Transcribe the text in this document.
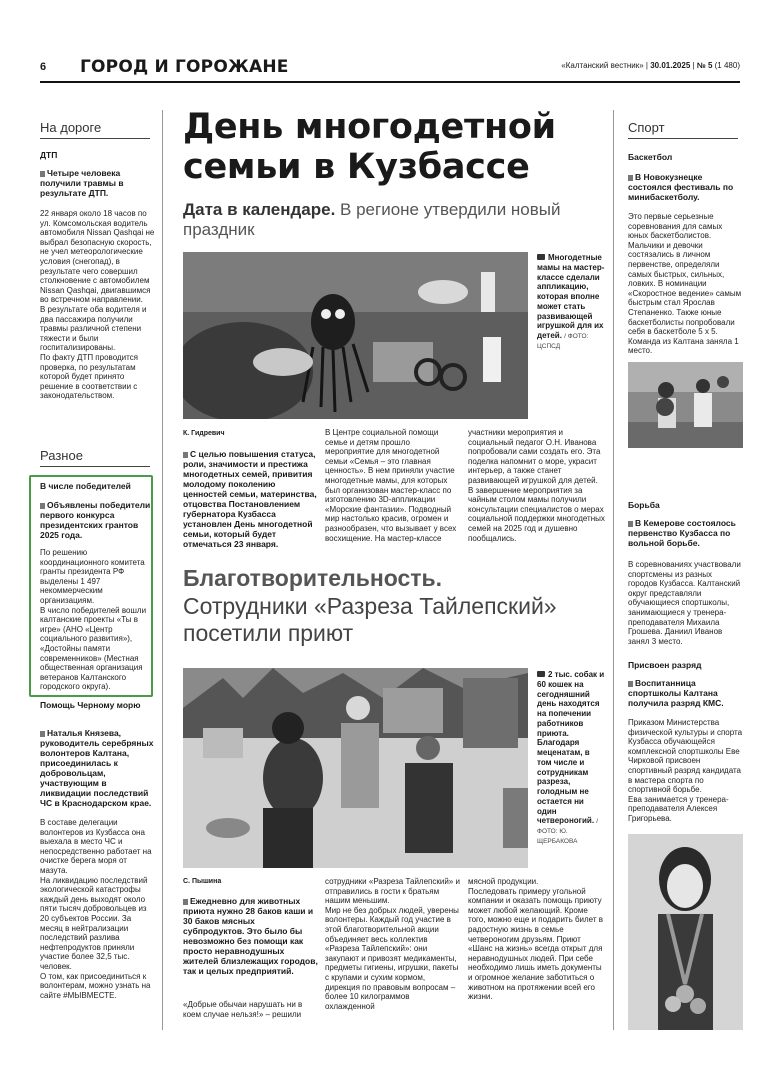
6 ГОРОД И ГОРОЖАНЕ	«Калтанский вестник» | 30.01.2025 | № 5 (1 480)
На дороге
ДТП
Четыре человека получили травмы в результате ДТП.

22 января около 18 часов по ул. Комсомольская водитель автомобиля Nissan Qashqai не выбрал безопасную скорость, не учел метеорологические условия (снегопад), в результате чего совершил столкновение с автомобилем Nissan Qashqai, двигавшимся во встречном направлении.

В результате оба водителя и два пассажира получили травмы различной степени тяжести и были госпитализированы.

По факту ДТП проводится проверка, по результатам которой будет принято решение в соответствии с законодательством.

Разное
В числе победителей
Объявлены победители первого конкурса президентских грантов 2025 года.

По решению координационного комитета гранты президента РФ выделены 1 497 некоммерческим организациям.

В число победителей вошли калтанские проекты «Ты в игре» (АНО «Центр социального развития»), «Достойны памяти современников» (Местная общественная организация ветеранов Калтанского городского округа).

Помощь Черному морю
Наталья Князева, руководитель серебряных волонтеров Калтана, присоединилась к добровольцам, участвующим в ликвидации последствий ЧС в Краснодарском крае.

В составе делегации волонтеров из Кузбасса она выехала в место ЧС и непосредственно работает на очистке берега моря от мазута.

На ликвидацию последствий экологической катастрофы каждый день выходят около пяти тысяч добровольцев из 20 субъектов России. За месяц в нейтрализации последствий разлива нефтепродуктов приняли участие более 32,5 тыс. человек.

О том, как присоединиться к волонтерам, можно узнать на сайте #МЫВМЕСТЕ.

День многодетной семьи в Кузбассе
Дата в календаре. В регионе утвердили новый праздник
Многодетные мамы на мастер-классе сделали аппликацию, которая вполне может стать развивающей игрушкой для их детей. / ФОТО: ЦСПСД
К. Гидревич
С целью повышения статуса, роли, значимости и престижа многодетных семей, привития молодому поколению ценностей семьи, материнства, отцовства Постановлением губернатора Кузбасса установлен День многодетной семьи, который будет отмечаться 23 января.
В Центре социальной помощи семье и детям прошло мероприятие для многодетной семьи «Семья – это главная ценность». В нем приняли участие многодетные мамы, для которых был организован мастер-класс по изготовлению 3D-аппликации «Морские фантазии». Подводный мир настолько красив, огромен и разнообразен, что вызывает у всех восхищение. На мастер-классе

участники мероприятия и социальный педагог О.Н. Иванова попробовали сами создать его. Эта поделка напомнит о море, украсит интерьер, а также станет развивающей игрушкой для детей.

В завершение мероприятия за чайным столом мамы получили консультации специалистов о мерах социальной поддержки многодетных семей на 2025 год и душевно пообщались.

Благотворительность.
Сотрудники «Разреза Тайлепский» посетили приют
2 тыс. собак и 60 кошек на сегодняшний день находятся на попечении работников приюта. Благодаря меценатам, в том числе и сотрудникам разреза, голодным не остается ни один четвероногий. / ФОТО: Ю. ЩЕРБАКОВА
С. Пышина
Ежедневно для животных приюта нужно 28 баков каши и 30 баков мясных субпродуктов. Это было бы невозможно без помощи как просто неравнодушных жителей близлежащих городов, так и целых предприятий.
«Добрые обычаи нарушать ни в коем случае нельзя!» – решили

сотрудники «Разреза Тайлепский» и отправились в гости к братьям нашим меньшим.

Мир не без добрых людей, уверены волонтеры. Каждый год участие в этой благотворительной акции объединяет весь коллектив «Разреза Тайлепский»: они закупают и привозят медикаменты, предметы гигиены, игрушки, пакеты с крупами и сухим кормом, дирекция по правовым вопросам – более 10 килограммов охлажденной

мясной продукции.

Последовать примеру угольной компании и оказать помощь приюту может любой желающий. Кроме того, можно еще и подарить билет в радостную жизнь в семье четвероногим друзьям. Приют «Шанс на жизнь» всегда открыт для неравнодушных людей. При себе необходимо лишь иметь документы и огромное желание заботиться о животном на протяжении всей его жизни.

Спорт
Баскетбол
В Новокузнецке состоялся фестиваль по минибаскетболу.
Это первые серьезные соревнования для самых юных баскетболистов. Мальчики и девочки состязались в личном первенстве, определяли самых быстрых, сильных, ловких. В номинации «Скоростное ведение» самым быстрым стал Ярослав Степаненко. Также юные баскетболисты попробовали себя в баскетболе 5 х 5. Команда из Калтана заняла 1 место.
Борьба
В Кемерове состоялось первенство Кузбасса по вольной борьбе.
В соревнованиях участвовали спортсмены из разных городов Кузбасса. Калтанский округ представляли обучающиеся спортшколы, занимающиеся у тренера-преподавателя Михаила Грошева. Даниил Иванов занял 3 место.
Присвоен разряд
Воспитанница спортшколы Калтана получила разряд КМС.

Приказом Министерства физической культуры и спорта Кузбасса обучающейся комплексной спортшколы Еве Чирковой присвоен спортивный разряд кандидата в мастера спорта по спортивной борьбе.

Ева занимается у тренера-преподавателя Алексея Григорьева.
